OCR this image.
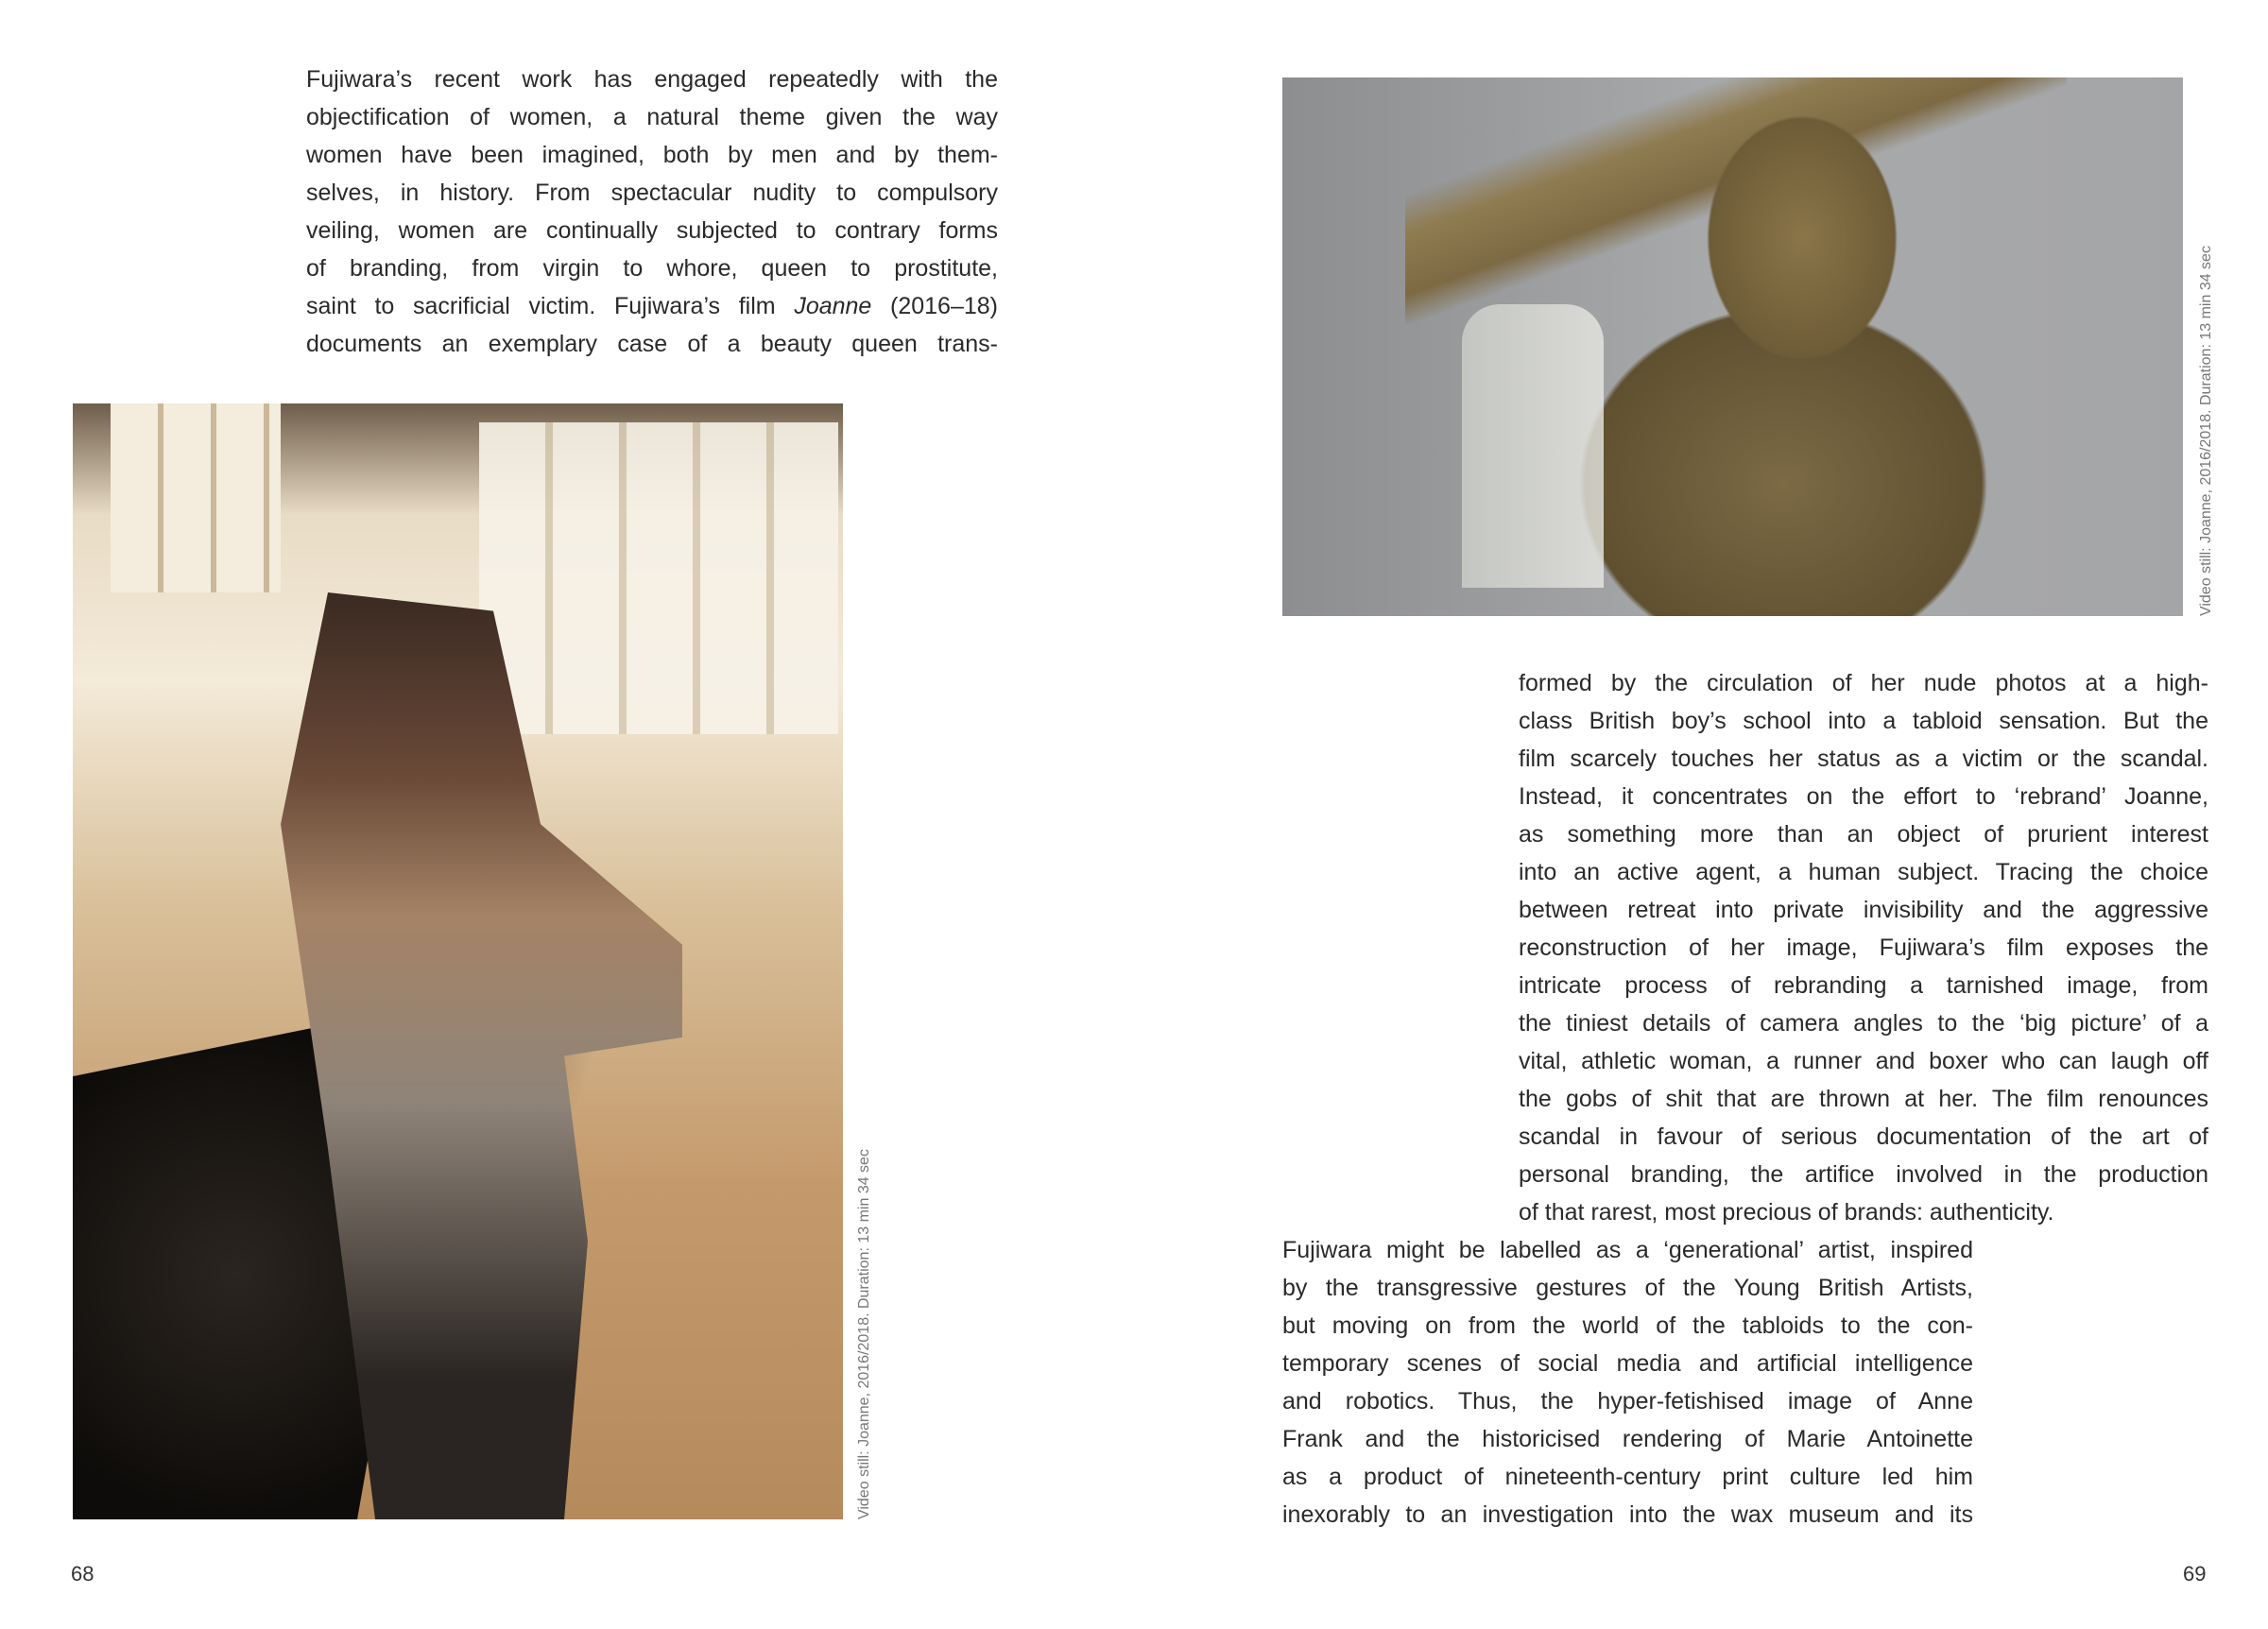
Fujiwara’s recent work has engaged repeatedly with the
objectification of women, a natural theme given the way
women have been imagined, both by men and by them-
selves, in history. From spectacular nudity to compulsory
veiling, women are continually subjected to contrary forms
of branding, from virgin to whore, queen to prostitute,
saint to sacrificial victim. Fujiwara’s film Joanne (2016–18)
documents an exemplary case of a beauty queen trans-
Video still: Joanne, 2016/2018. Duration: 13 min 34 sec
Video still: Joanne, 2016/2018. Duration: 13 min 34 sec
formed by the circulation of her nude photos at a high-
class British boy’s school into a tabloid sensation. But the
film scarcely touches her status as a victim or the scandal.
Instead, it concentrates on the effort to ‘rebrand’ Joanne,
as something more than an object of prurient interest
into an active agent, a human subject. Tracing the choice
between retreat into private invisibility and the aggressive
reconstruction of her image, Fujiwara’s film exposes the
intricate process of rebranding a tarnished image, from
the tiniest details of camera angles to the ‘big picture’ of a
vital, athletic woman, a runner and boxer who can laugh off
the gobs of shit that are thrown at her. The film renounces
scandal in favour of serious documentation of the art of
personal branding, the artifice involved in the production
of that rarest, most precious of brands: authenticity.
Fujiwara might be labelled as a ‘generational’ artist, inspired
by the transgressive gestures of the Young British Artists,
but moving on from the world of the tabloids to the con-
temporary scenes of social media and artificial intelligence
and robotics. Thus, the hyper-fetishised image of Anne
Frank and the historicised rendering of Marie Antoinette
as a product of nineteenth-century print culture led him
inexorably to an investigation into the wax museum and its
68	69
